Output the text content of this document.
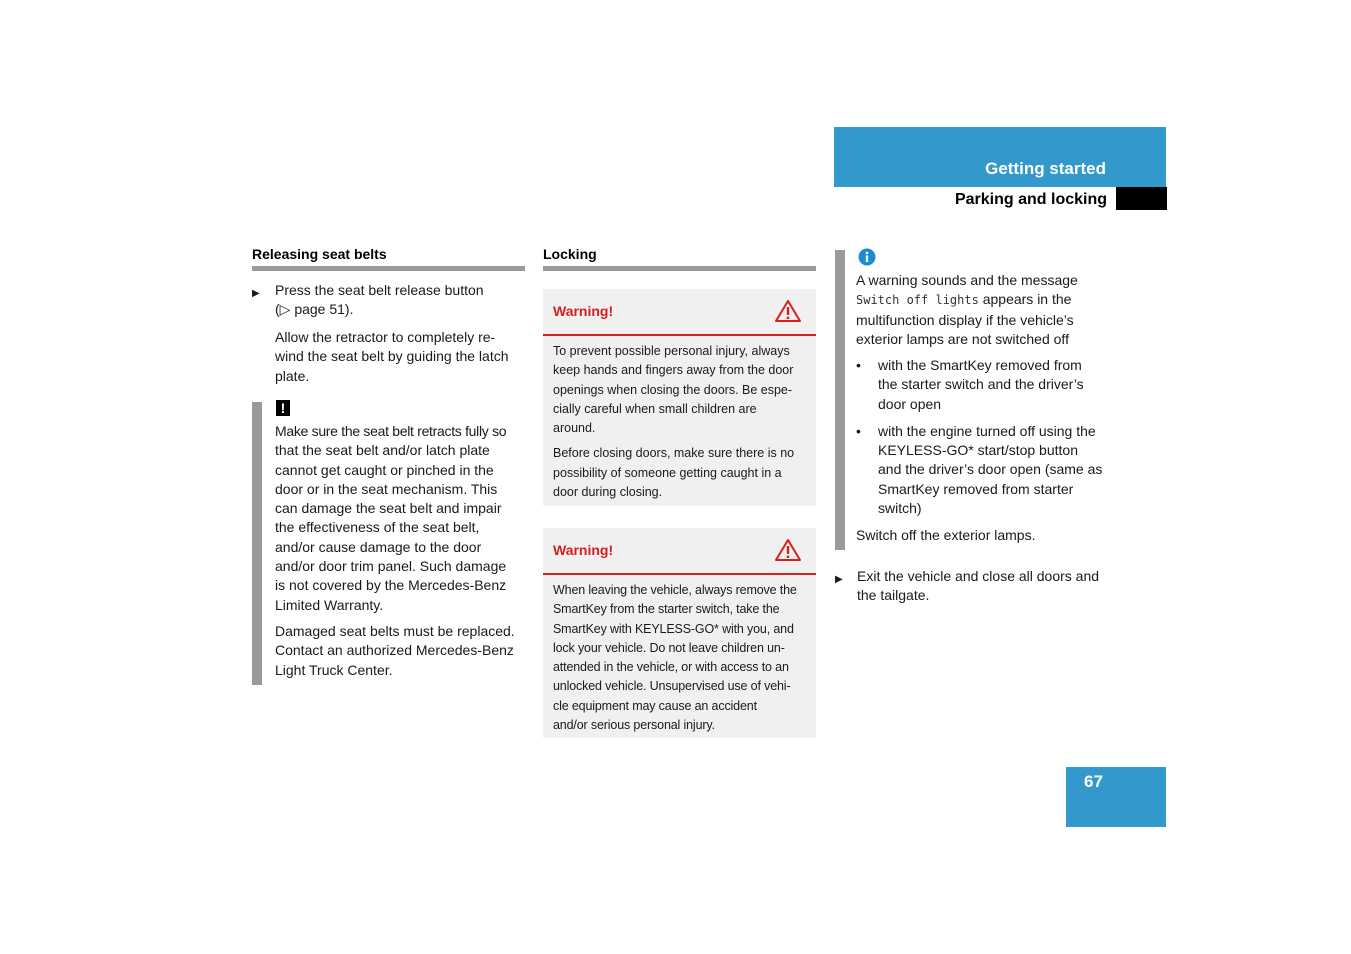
Getting started
Parking and locking
Releasing seat belts
▶ Press the seat belt release button

(▷ page 51).

Allow the retractor to completely re-

wind the seat belt by guiding the latch

plate.

!

Make sure the seat belt retracts fully so

that the seat belt and/or latch plate

cannot get caught or pinched in the

door or in the seat mechanism. This

can damage the seat belt and impair

the effectiveness of the seat belt,

and/or cause damage to the door

and/or door trim panel. Such damage

is not covered by the Mercedes-Benz

Limited Warranty.

Damaged seat belts must be replaced.

Contact an authorized Mercedes-Benz

Light Truck Center.

Locking
Warning!

To prevent possible personal injury, always
keep hands and fingers away from the door
openings when closing the doors. Be espe-
cially careful when small children are
around.

Before closing doors, make sure there is no
possibility of someone getting caught in a
door during closing.

Warning!

When leaving the vehicle, always remove the
SmartKey from the starter switch, take the
SmartKey with KEYLESS-GO* with you, and
lock your vehicle. Do not leave children un-
attended in the vehicle, or with access to an
unlocked vehicle. Unsupervised use of vehi-
cle equipment may cause an accident
and/or serious personal injury.

A warning sounds and the message

Switch off lights appears in the

multifunction display if the vehicle’s

exterior lamps are not switched off

• with the SmartKey removed from

the starter switch and the driver’s

door open

• with the engine turned off using the

KEYLESS-GO* start/stop button

and the driver’s door open (same as

SmartKey removed from starter

switch)

Switch off the exterior lamps.
▶ Exit the vehicle and close all doors and

the tailgate.

67
